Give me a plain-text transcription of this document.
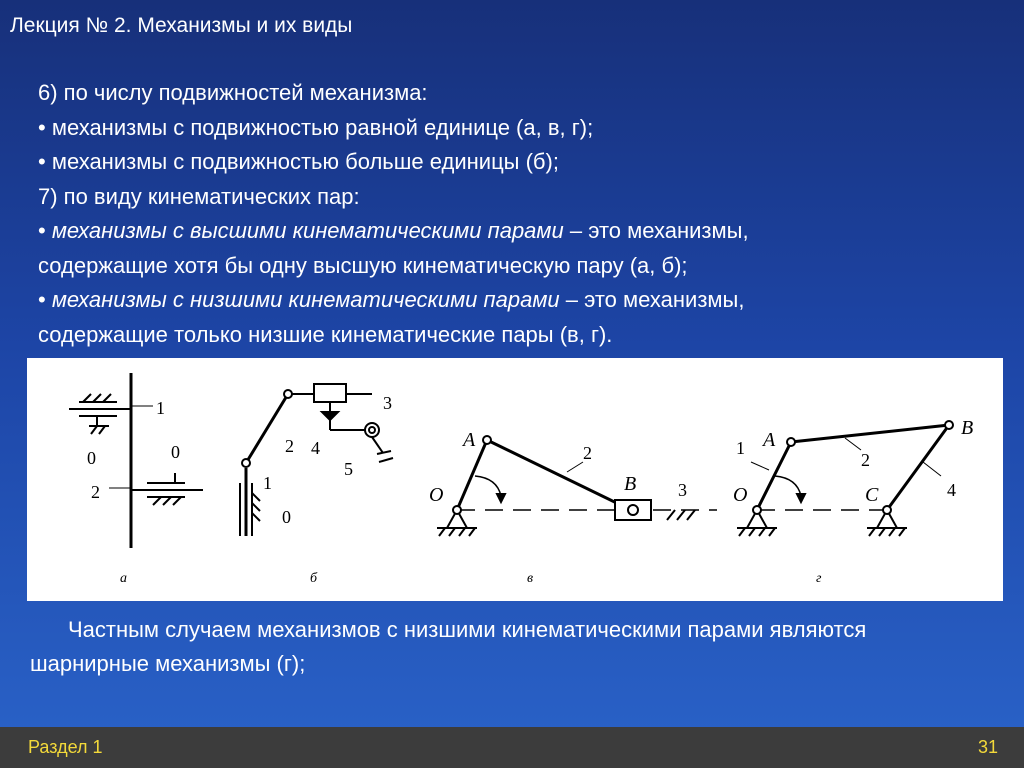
Лекция № 2. Механизмы и их виды
6) по числу подвижностей механизма:
• механизмы с подвижностью равной единице (а, в, г);
• механизмы с подвижностью больше единицы (б);
7) по виду кинематических пар:
• механизмы с высшими кинематическими парами – это механизмы,
содержащие хотя бы одну высшую кинематическую пару (а, б);
• механизмы с низшими кинематическими парами – это механизмы,
содержащие только низшие кинематические пары (в, г).
1
0	0
2
а
1
0
2
3
4
5
б
A
2
O	B 3
в
1 A
2
B
O	C	4
г
Частным случаем механизмов с низшими кинематическими парами являются шарнирные механизмы (г);
Раздел 1	31
